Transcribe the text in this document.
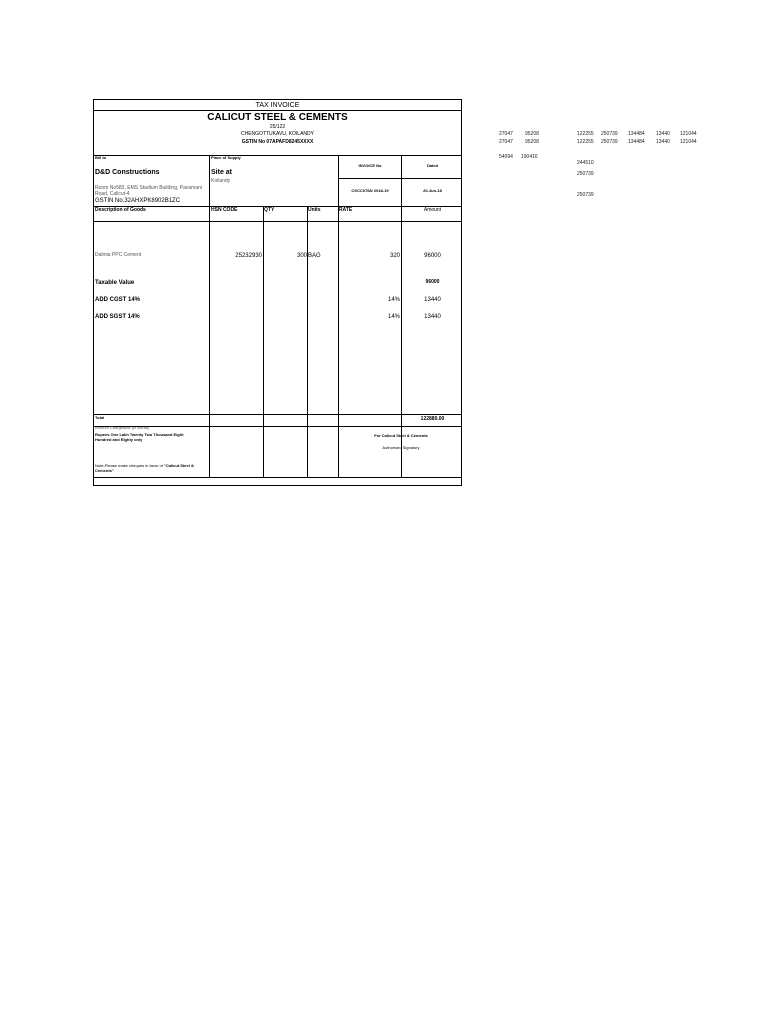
TAX INVOICE
CALICUT STEEL & CEMENTS
25/122
CHENGOTTUKAVU, KOILANDY
GSTIN No 07APAFD8245XXXX
Bill to
D&D Constructions
Room No583, EMS Stadium Building, Pavamani
Road, Calicut-4
GSTIN No.32AHXPK8902B1ZC
Place of Supply
Site at
Koilandy
INVOICE No	Dated
CSCC0768/ 2018-19	20-Jun-18
Description of Goods	HSN CODE	QTY	Units	RATE	Amount
Dalmia PPC Cement	25232930	300 BAG	320	96000
Taxable Value	96000
ADD CGST 14%	14%	13440
ADD SGST 14%	14%	13440
Total	122880.00
Amount Chargeable (in words)
Rupees One Lakh Twenty Two Thousand Eight
Hundred and Eighty only
Note-Please make cheques in favor of "Calicut Steel &
Cements"
For Calicut Steel & Cements
Authorised Signatory
27047 95208	122255 250739 134484 13440 121044
27047 95208	122255 250739 134484 13440 121044
54094 190416
244510
250739
250739
